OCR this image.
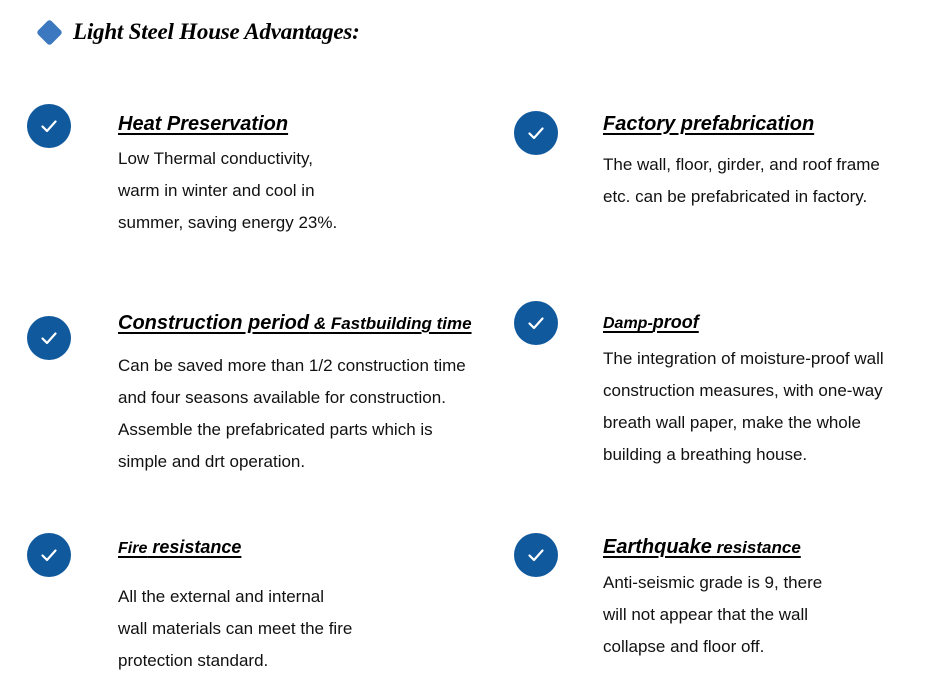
Light Steel House Advantages:

Heat Preservation

Low Thermal conductivity,
warm in winter and cool in
summer, saving energy 23%.

Factory prefabrication

The wall, floor, girder, and roof frame
etc. can be prefabricated in factory.

Construction period & Fastbuilding time

Can be saved more than 1/2 construction time
and four seasons available for construction.
Assemble the prefabricated parts which is
simple and drt operation.

Damp-proof

The integration of moisture-proof wall
construction measures, with one-way
breath wall paper, make the whole
building a breathing house.

Fire resistance

All the external and internal
wall materials can meet the fire
protection standard.

Earthquake resistance

Anti-seismic grade is 9, there
will not appear that the wall
collapse and floor off.
